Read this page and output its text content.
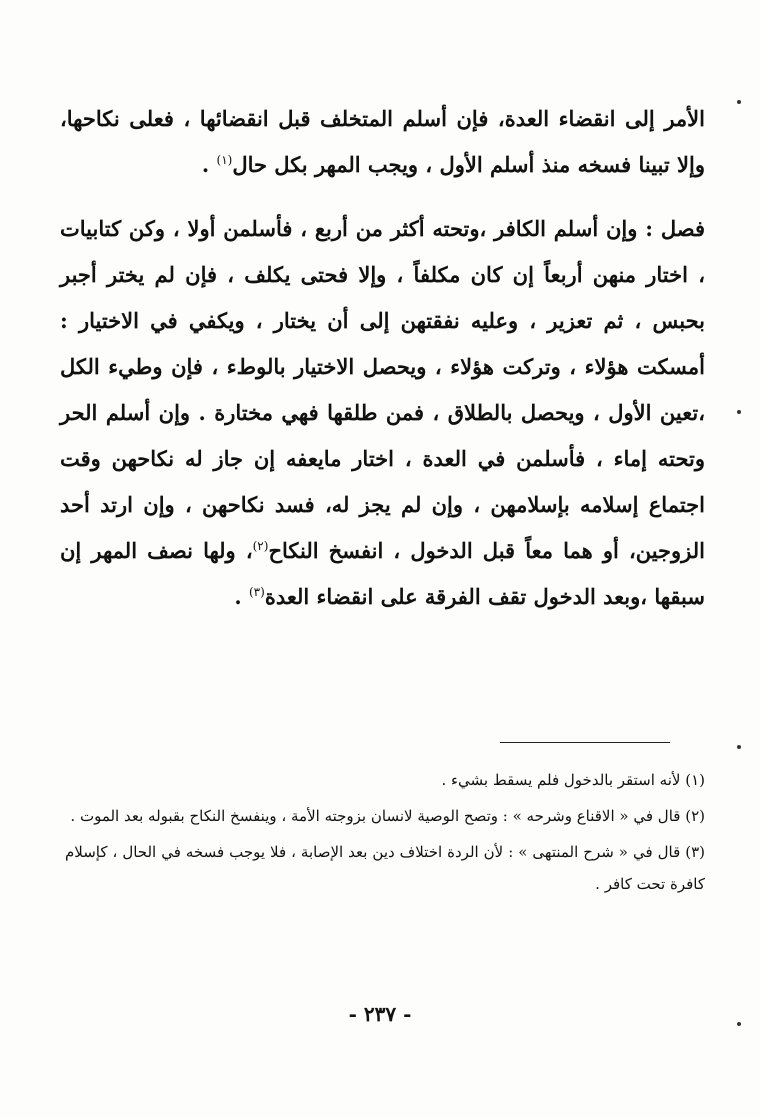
الأمر إلى انقضاء العدة، فإن أسلم المتخلف قبل انقضائها ، فعلى نكاحها، وإلا تبينا فسخه منذ أسلم الأول ، ويجب المهر بكل حال$^{(١)}$ .

فصل : وإن أسلم الكافر ،وتحته أكثر من أربع ، فأسلمن أولا ، وكن كتابيات ، اختار منهن أربعاً إن كان مكلفاً ، وإلا فحتى يكلف ، فإن لم يختر أجبر بحبس ، ثم تعزير ، وعليه نفقتهن إلى أن يختار ، ويكفي في الاختيار : أمسكت هؤلاء ، وتركت هؤلاء ، ويحصل الاختيار بالوطء ، فإن وطيء الكل ،تعين الأول ، ويحصل بالطلاق ، فمن طلقها فهي مختارة . وإن أسلم الحر وتحته إماء ، فأسلمن في العدة ، اختار مايعفه إن جاز له نكاحهن وقت اجتماع إسلامه بإسلامهن ، وإن لم يجز له، فسد نكاحهن ، وإن ارتد أحد الزوجين، أو هما معاً قبل الدخول ، انفسخ النكاح$^{(٢)}$، ولها نصف المهر إن سبقها ،وبعد الدخول تقف الفرقة على انقضاء العدة$^{(٣)}$ .

(١) لأنه استقر بالدخول فلم يسقط بشيء .

(٢) قال في « الاقناع وشرحه » : وتصح الوصية لانسان بزوجته الأمة ، وينفسخ النكاح بقبوله بعد الموت .

(٣) قال في « شرح المنتهى » : لأن الردة اختلاف دين بعد الإصابة ، فلا يوجب فسخه في الحال ، كإسلام كافرة تحت كافر .

- ٢٣٧ -
